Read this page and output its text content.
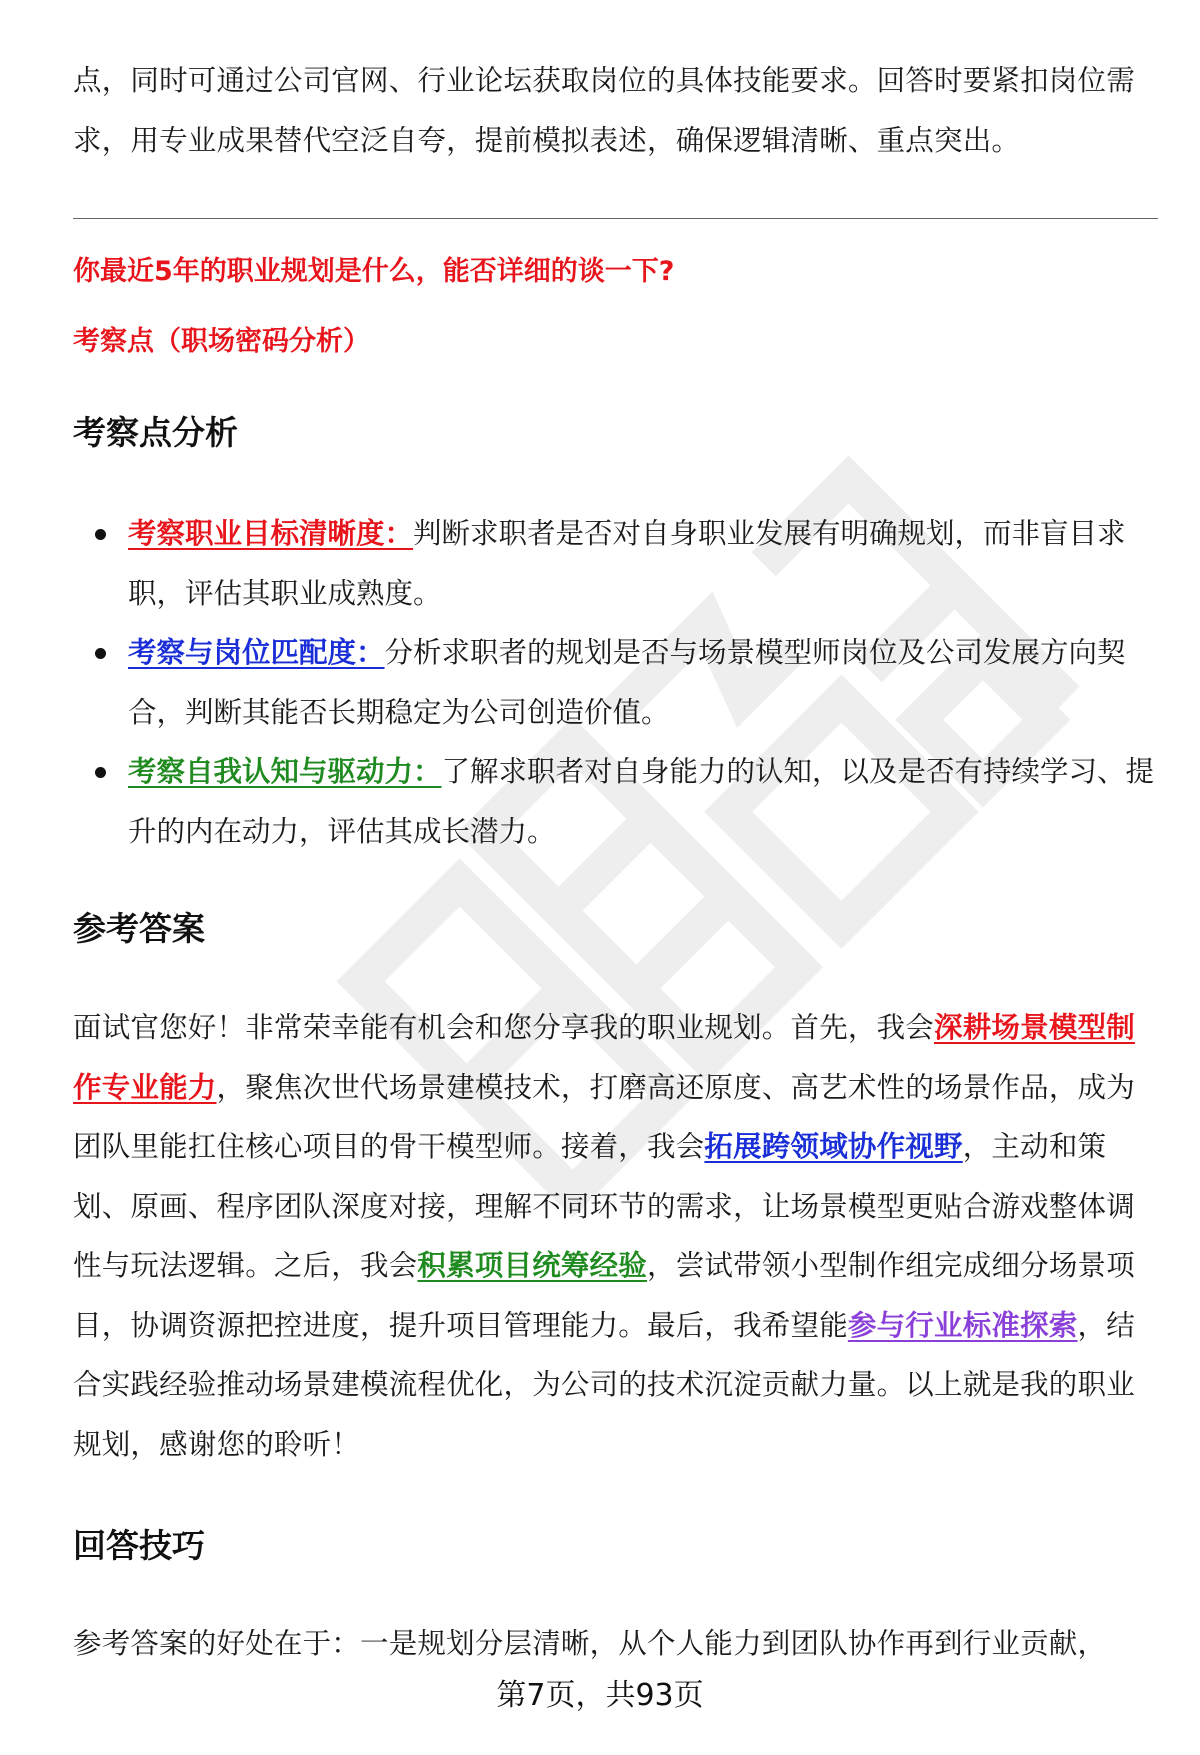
点，同时可通过公司官网、行业论坛获取岗位的具体技能要求。回答时要紧扣岗位需求，用专业成果替代空泛自夸，提前模拟表述，确保逻辑清晰、重点突出。

你最近5年的职业规划是什么，能否详细的谈一下?

考察点（职场密码分析）

考察点分析
考察职业目标清晰度：判断求职者是否对自身职业发展有明确规划，而非盲目求职，评估其职业成熟度。
考察与岗位匹配度：分析求职者的规划是否与场景模型师岗位及公司发展方向契合，判断其能否长期稳定为公司创造价值。
考察自我认知与驱动力：了解求职者对自身能力的认知，以及是否有持续学习、提升的内在动力，评估其成长潜力。
参考答案

面试官您好！非常荣幸能有机会和您分享我的职业规划。首先，我会深耕场景模型制作专业能力，聚焦次世代场景建模技术，打磨高还原度、高艺术性的场景作品，成为团队里能扛住核心项目的骨干模型师。接着，我会拓展跨领域协作视野，主动和策划、原画、程序团队深度对接，理解不同环节的需求，让场景模型更贴合游戏整体调性与玩法逻辑。之后，我会积累项目统筹经验，尝试带领小型制作组完成细分场景项目，协调资源把控进度，提升项目管理能力。最后，我希望能参与行业标准探索，结合实践经验推动场景建模流程优化，为公司的技术沉淀贡献力量。以上就是我的职业规划，感谢您的聆听！

回答技巧

参考答案的好处在于：一是规划分层清晰，从个人能力到团队协作再到行业贡献，

第7页，共93页
